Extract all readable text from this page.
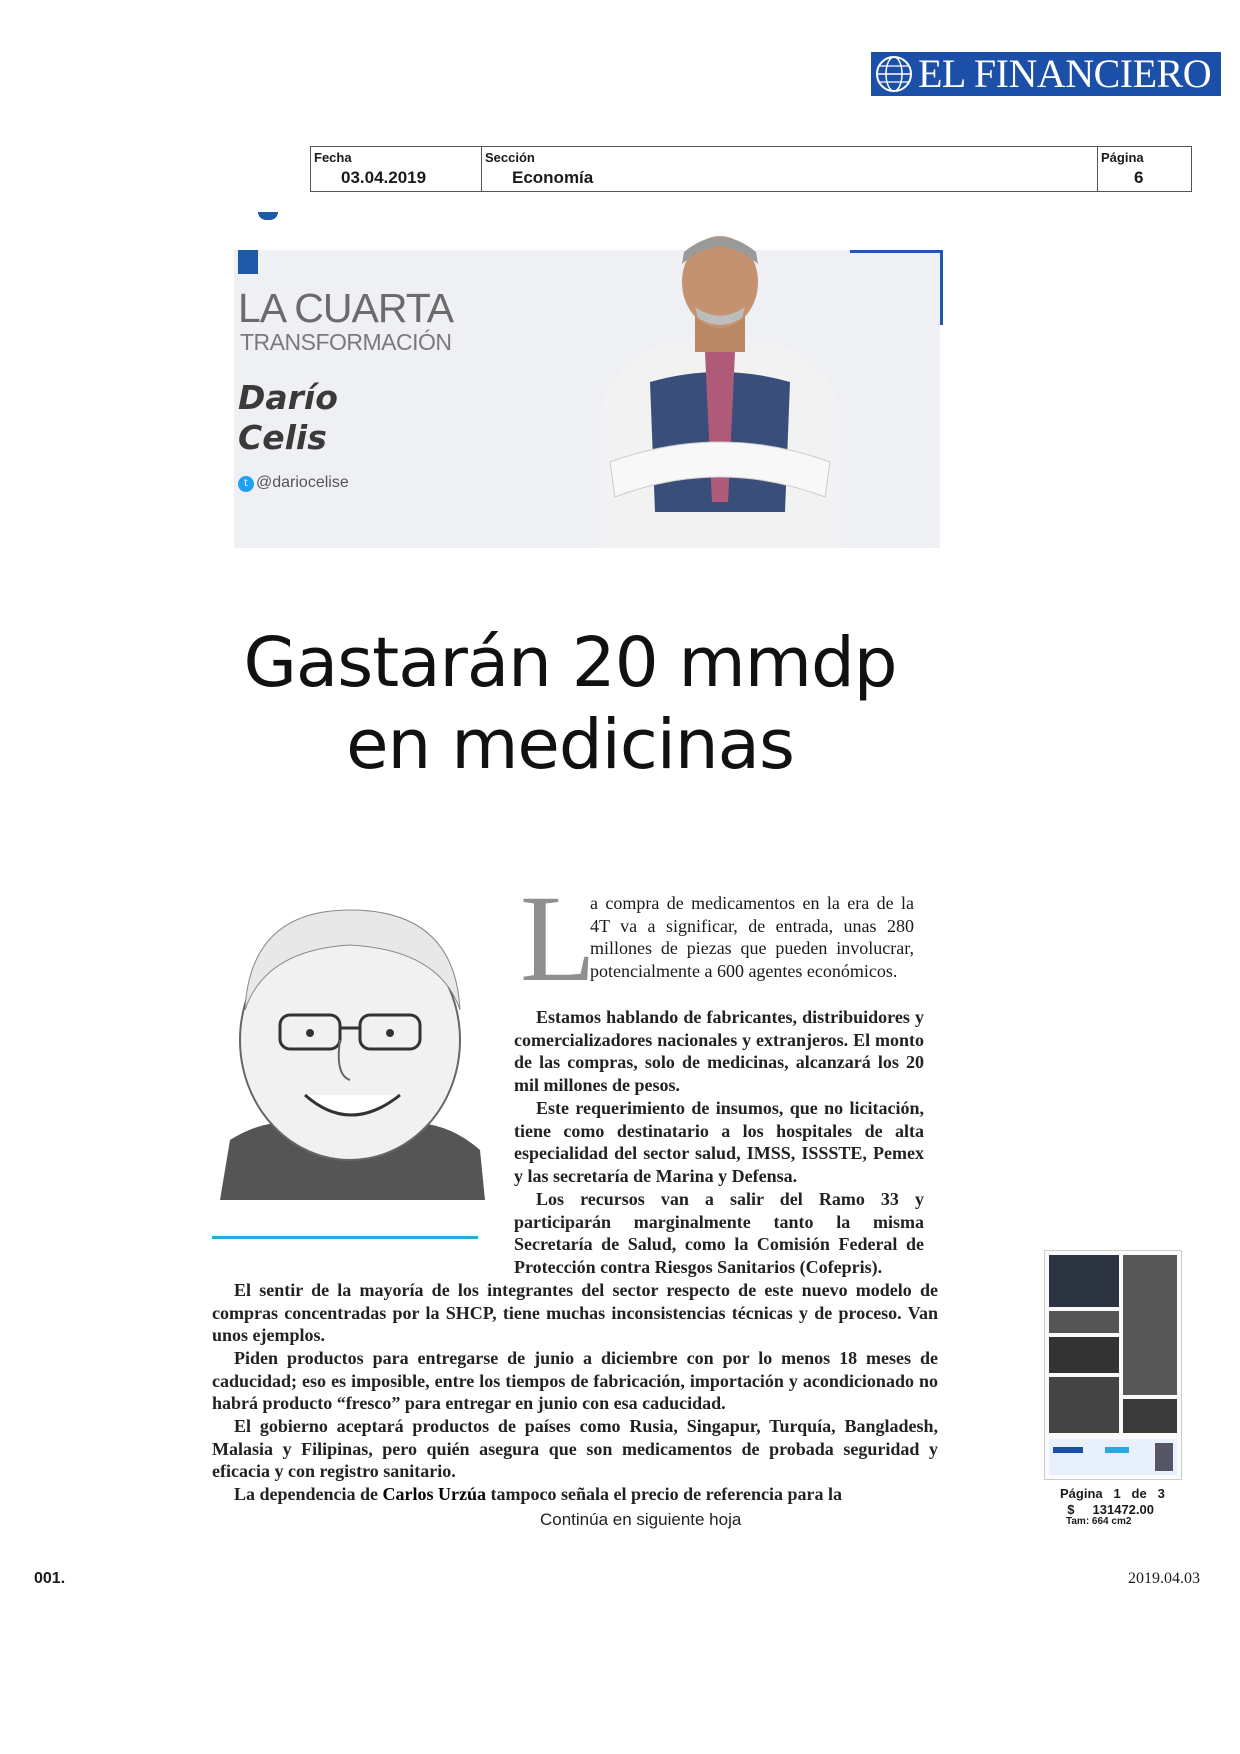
EL FINANCIERO
Fecha
03.04.2019
Sección
Economía
Página
6
LA CUARTA
TRANSFORMACIÓN
Darío
Celis
t @dariocelise
Gastarán 20 mmdp
en medicinas
L
a compra de medicamentos en la era de la 4T va a significar, de entrada, unas 280 millones de piezas que pueden involucrar, potencialmente a 600 agentes económicos.
Estamos hablando de fabricantes, distribuidores y comercializadores nacionales y extranjeros. El monto de las compras, solo de medicinas, alcanzará los 20 mil millones de pesos.
Este requerimiento de insumos, que no licitación, tiene como destinatario a los hospitales de alta especialidad del sector salud, IMSS, ISSSTE, Pemex y las secretaría de Marina y Defensa.
Los recursos van a salir del Ramo 33 y participarán marginalmente tanto la misma Secretaría de Salud, como la Comisión Federal de Protección contra Riesgos Sanitarios (Cofepris).
El sentir de la mayoría de los integrantes del sector respecto de este nuevo modelo de compras concentradas por la SHCP, tiene muchas inconsistencias técnicas y de proceso. Van unos ejemplos.
Piden productos para entregarse de junio a diciembre con por lo menos 18 meses de caducidad; eso es imposible, entre los tiempos de fabricación, importación y acondicionado no habrá producto “fresco” para entregar en junio con esa caducidad.
El gobierno aceptará productos de países como Rusia, Singapur, Turquía, Bangladesh, Malasia y Filipinas, pero quién asegura que son medicamentos de probada seguridad y eficacia y con registro sanitario.
La dependencia de Carlos Urzúa tampoco señala el precio de referencia para la
Continúa en siguiente hoja
Página 1 de 3
$ 131472.00
Tam: 664 cm2
001.	2019.04.03
